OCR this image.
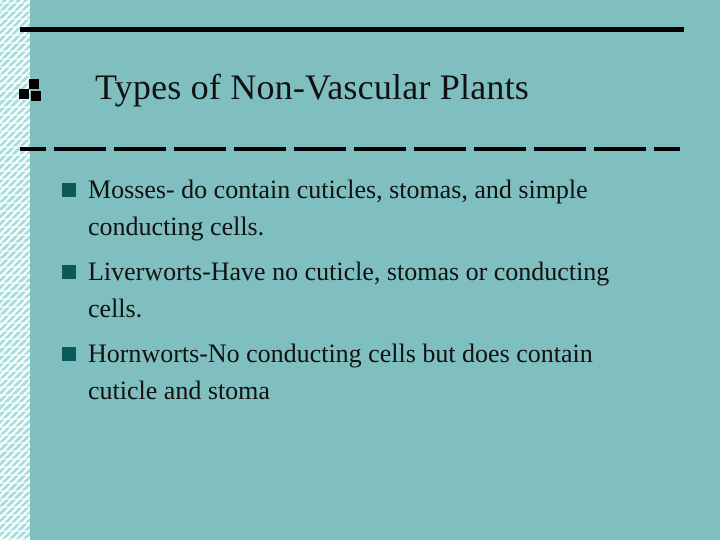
Types of Non-Vascular Plants
Mosses- do contain cuticles, stomas, and simple conducting cells.
Liverworts-Have no cuticle, stomas or conducting cells.
Hornworts-No conducting cells but does contain cuticle and stoma
